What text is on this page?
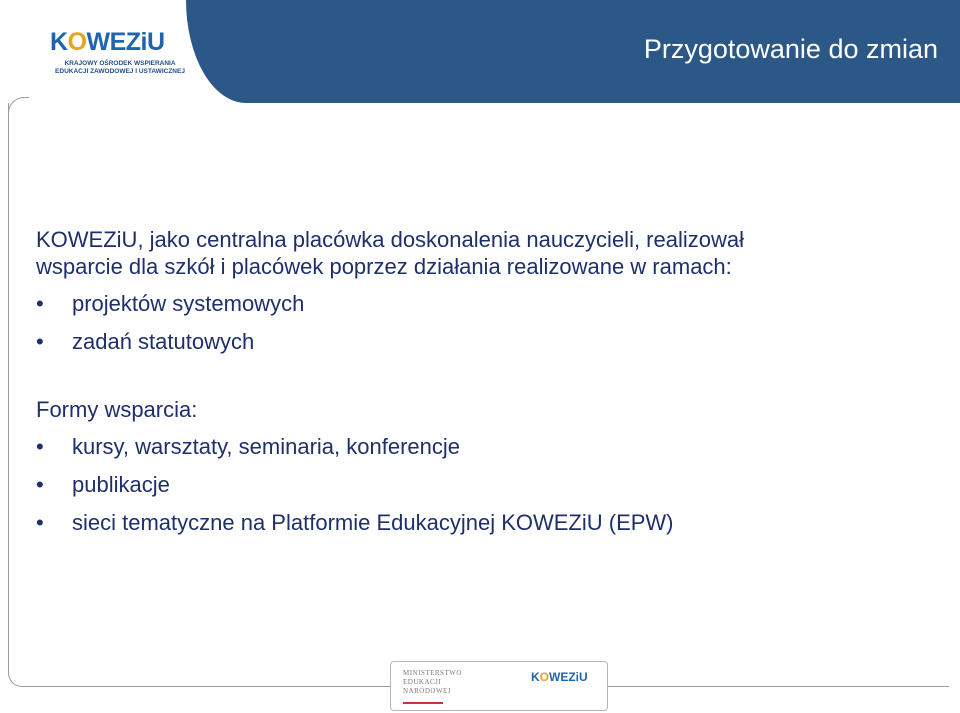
Przygotowanie do zmian
KOWEZiU
KRAJOWY OŚRODEK WSPIERANIA EDUKACJI ZAWODOWEJ I USTAWICZNEJ

KOWEZiU, jako centralna placówka doskonalenia nauczycieli, realizował
wsparcie dla szkół i placówek poprzez działania realizowane w ramach:

• projektów systemowych
• zadań statutowych

Formy wsparcia:

• kursy, warsztaty, seminaria, konferencje
• publikacje
• sieci tematyczne na Platformie Edukacyjnej KOWEZiU (EPW)
MINISTERSTWO
EDUKACJI
NARODOWEJ
KOWEZiU
